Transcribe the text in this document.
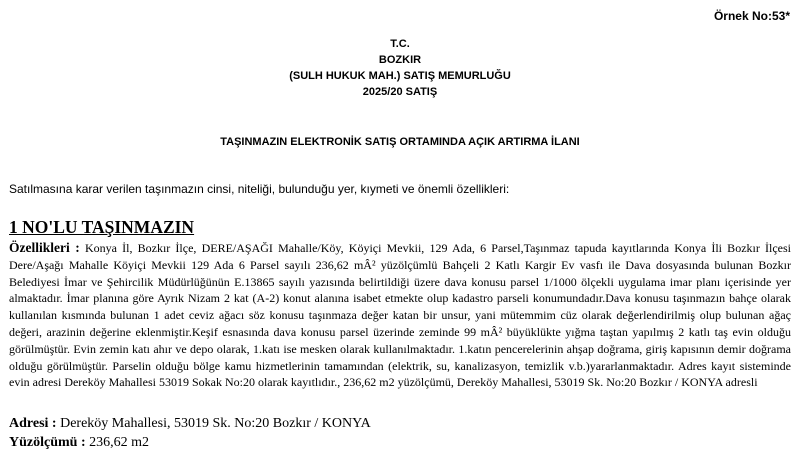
Örnek No:53*
T.C.
BOZKIR
(SULH HUKUK MAH.) SATIŞ MEMURLUĞU
2025/20 SATIŞ
TAŞINMAZIN ELEKTRONİK SATIŞ ORTAMINDA AÇIK ARTIRMA İLANI
Satılmasına karar verilen taşınmazın cinsi, niteliği, bulunduğu yer, kıymeti ve önemli özellikleri:
1 NO'LU TAŞINMAZIN
Özellikleri : Konya İl, Bozkır İlçe, DERE/AŞAĞI Mahalle/Köy, Köyiçi Mevkii, 129 Ada, 6 Parsel,Taşınmaz tapuda kayıtlarında Konya İli Bozkır İlçesi Dere/Aşağı Mahalle Köyiçi Mevkii 129 Ada 6 Parsel sayılı 236,62 mÂ² yüzölçümlü Bahçeli 2 Katlı Kargir Ev vasfı ile Dava dosyasında bulunan Bozkır Belediyesi İmar ve Şehircilik Müdürlüğünün E.13865 sayılı yazısında belirtildiği üzere dava konusu parsel 1/1000 ölçekli uygulama imar planı içerisinde yer almaktadır. İmar planına göre Ayrık Nizam 2 kat (A-2) konut alanına isabet etmekte olup kadastro parseli konumundadır.Dava konusu taşınmazın bahçe olarak kullanılan kısmında bulunan 1 adet ceviz ağacı söz konusu taşınmaza değer katan bir unsur, yani mütemmim cüz olarak değerlendirilmiş olup bulunan ağaç değeri, arazinin değerine eklenmiştir.Keşif esnasında dava konusu parsel üzerinde zeminde 99 mÂ² büyüklükte yığma taştan yapılmış 2 katlı taş evin olduğu görülmüştür. Evin zemin katı ahır ve depo olarak, 1.katı ise mesken olarak kullanılmaktadır. 1.katın pencerelerinin ahşap doğrama, giriş kapısının demir doğrama olduğu görülmüştür. Parselin olduğu bölge kamu hizmetlerinin tamamından (elektrik, su, kanalizasyon, temizlik v.b.)yararlanmaktadır. Adres kayıt sisteminde evin adresi Dereköy Mahallesi 53019 Sokak No:20 olarak kayıtlıdır., 236,62 m2 yüzölçümü, Dereköy Mahallesi, 53019 Sk. No:20 Bozkır / KONYA adresli
Adresi : Dereköy Mahallesi, 53019 Sk. No:20 Bozkır / KONYA
Yüzölçümü : 236,62 m2
